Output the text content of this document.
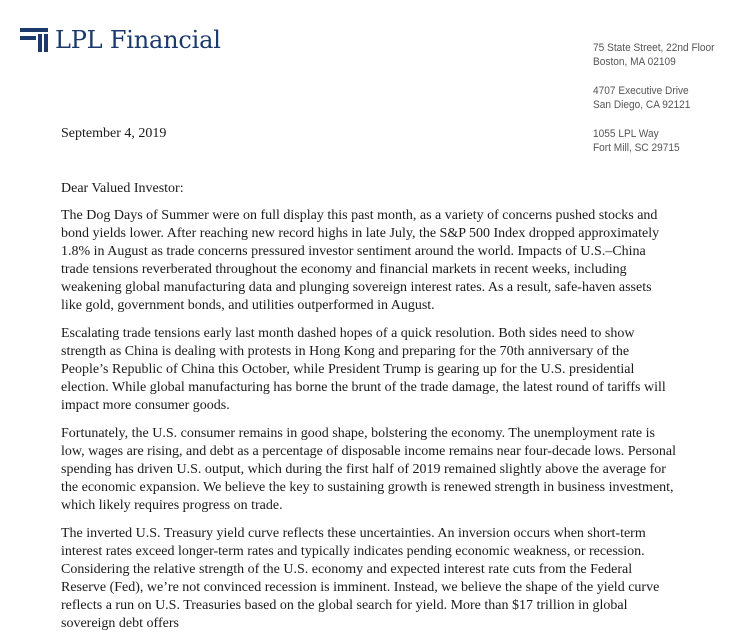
LPL Financial	75 State Street, 22nd Floor
Boston, MA 02109
4707 Executive Drive
San Diego, CA 92121
1055 LPL Way
Fort Mill, SC 29715
September 4, 2019

Dear Valued Investor:

The Dog Days of Summer were on full display this past month, as a variety of concerns pushed stocks and bond yields lower. After reaching new record highs in late July, the S&P 500 Index dropped approximately 1.8% in August as trade concerns pressured investor sentiment around the world. Impacts of U.S.–China trade tensions reverberated throughout the economy and financial markets in recent weeks, including weakening global manufacturing data and plunging sovereign interest rates. As a result, safe-haven assets like gold, government bonds, and utilities outperformed in August.

Escalating trade tensions early last month dashed hopes of a quick resolution. Both sides need to show strength as China is dealing with protests in Hong Kong and preparing for the 70th anniversary of the People’s Republic of China this October, while President Trump is gearing up for the U.S. presidential election. While global manufacturing has borne the brunt of the trade damage, the latest round of tariffs will impact more consumer goods.

Fortunately, the U.S. consumer remains in good shape, bolstering the economy. The unemployment rate is low, wages are rising, and debt as a percentage of disposable income remains near four-decade lows. Personal spending has driven U.S. output, which during the first half of 2019 remained slightly above the average for the economic expansion. We believe the key to sustaining growth is renewed strength in business investment, which likely requires progress on trade.

The inverted U.S. Treasury yield curve reflects these uncertainties. An inversion occurs when short-term interest rates exceed longer-term rates and typically indicates pending economic weakness, or recession. Considering the relative strength of the U.S. economy and expected interest rate cuts from the Federal Reserve (Fed), we’re not convinced recession is imminent. Instead, we believe the shape of the yield curve reflects a run on U.S. Treasuries based on the global search for yield. More than $17 trillion in global sovereign debt offers
